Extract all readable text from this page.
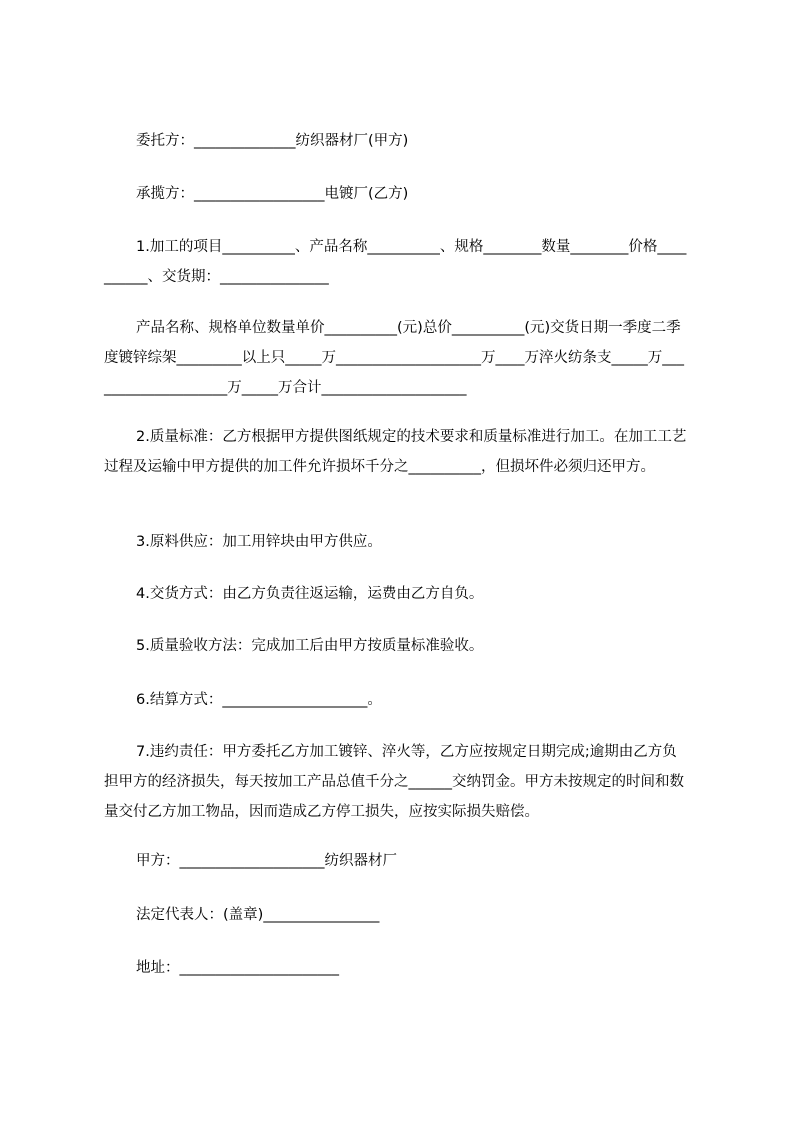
委托方：______________纺织器材厂(甲方)

承揽方：__________________电镀厂(乙方)

1.加工的项目__________、产品名称__________、规格________数量________价格__________、交货期：_______________

产品名称、规格单位数量单价__________(元)总价__________(元)交货日期一季度二季度镀锌综架_________以上只_____万____________________万____万淬火纺条支_____万____________________万_____万合计____________________

2.质量标准：乙方根据甲方提供图纸规定的技术要求和质量标准进行加工。在加工工艺过程及运输中甲方提供的加工件允许损坏千分之__________，但损坏件必须归还甲方。

3.原料供应：加工用锌块由甲方供应。

4.交货方式：由乙方负责往返运输，运费由乙方自负。

5.质量验收方法：完成加工后由甲方按质量标准验收。

6.结算方式：____________________。

7.违约责任：甲方委托乙方加工镀锌、淬火等，乙方应按规定日期完成;逾期由乙方负担甲方的经济损失，每天按加工产品总值千分之______交纳罚金。甲方未按规定的时间和数量交付乙方加工物品，因而造成乙方停工损失，应按实际损失赔偿。

甲方：____________________纺织器材厂

法定代表人：(盖章)________________

地址：______________________
